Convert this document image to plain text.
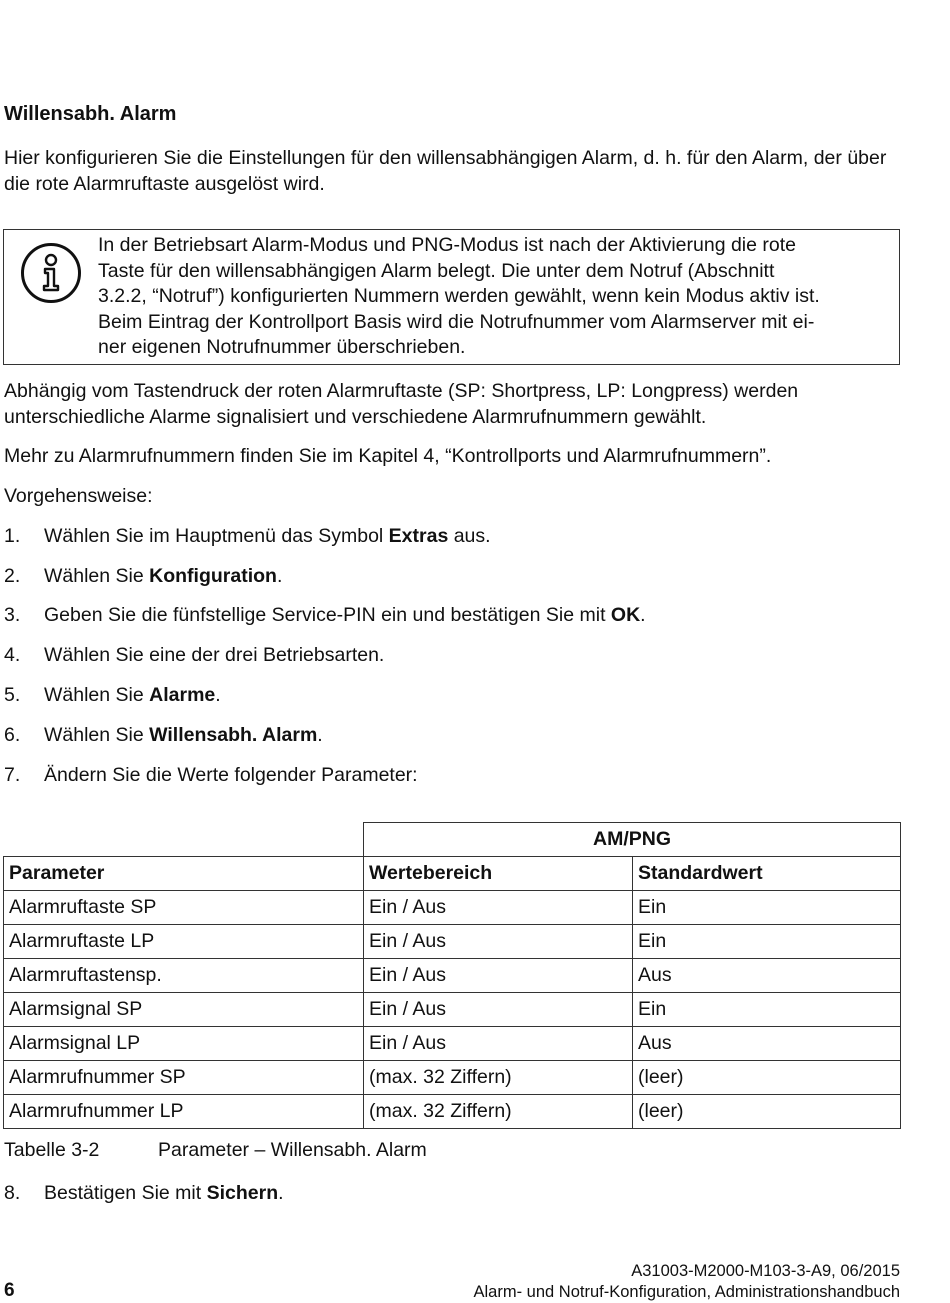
Willensabh. Alarm

Hier konfigurieren Sie die Einstellungen für den willensabhängigen Alarm, d. h. für den Alarm, der über die rote Alarmruftaste ausgelöst wird.

In der Betriebsart Alarm-Modus und PNG-Modus ist nach der Aktivierung die rote
Taste für den willensabhängigen Alarm belegt. Die unter dem Notruf (Abschnitt
3.2.2, “Notruf”) konfigurierten Nummern werden gewählt, wenn kein Modus aktiv ist.
Beim Eintrag der Kontrollport Basis wird die Notrufnummer vom Alarmserver mit ei-
ner eigenen Notrufnummer überschrieben.

Abhängig vom Tastendruck der roten Alarmruftaste (SP: Shortpress, LP: Longpress) werden unterschiedliche Alarme signalisiert und verschiedene Alarmrufnummern gewählt.

Mehr zu Alarmrufnummern finden Sie im Kapitel 4, “Kontrollports und Alarmrufnummern”.

Vorgehensweise:

1. Wählen Sie im Hauptmenü das Symbol Extras aus.
2. Wählen Sie Konfiguration.
3. Geben Sie die fünfstellige Service-PIN ein und bestätigen Sie mit OK.
4. Wählen Sie eine der drei Betriebsarten.
5. Wählen Sie Alarme.
6. Wählen Sie Willensabh. Alarm.
7. Ändern Sie die Werte folgender Parameter:
	AM/PNG	
Parameter	Wertebereich	Standardwert
Alarmruftaste SP	Ein / Aus	Ein
Alarmruftaste LP	Ein / Aus	Ein
Alarmruftastensp.	Ein / Aus	Aus
Alarmsignal SP	Ein / Aus	Ein
Alarmsignal LP	Ein / Aus	Aus
Alarmrufnummer SP	(max. 32 Ziffern)	(leer)
Alarmrufnummer LP	(max. 32 Ziffern)	(leer)
Tabelle 3-2	Parameter – Willensabh. Alarm
8. Bestätigen Sie mit Sichern.
A31003-M2000-M103-3-A9, 06/2015
Alarm- und Notruf-Konfiguration, Administrationshandbuch
6
